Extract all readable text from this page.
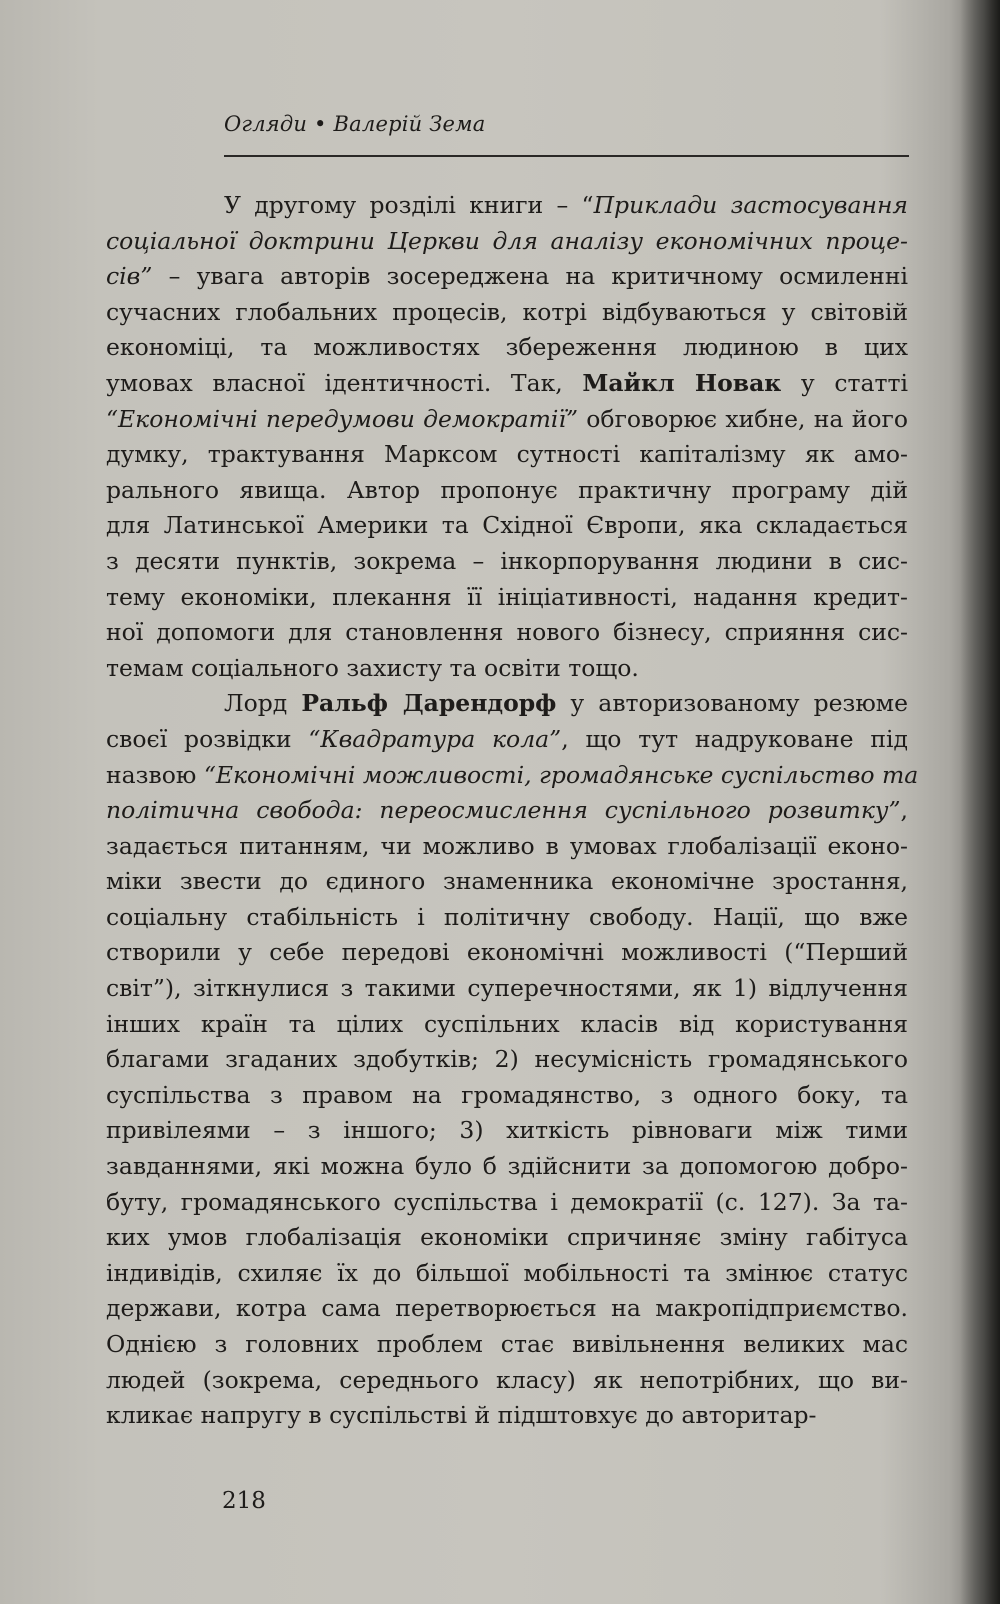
Огляди • Валерій Зема
У другому розділі книги – “Приклади застосування
соціальної доктрини Церкви для аналізу економічних проце-
сів” – увага авторів зосереджена на критичному осмиленні
сучасних глобальних процесів, котрі відбуваються у світовій
економіці, та можливостях збереження людиною в цих
умовах власної ідентичності. Так, Майкл Новак у статті
“Економічні передумови демократії” обговорює хибне, на його
думку, трактування Марксом сутності капіталізму як амо-
рального явища. Автор пропонує практичну програму дій
для Латинської Америки та Східної Європи, яка складається
з десяти пунктів, зокрема – інкорпорування людини в сис-
тему економіки, плекання її ініціативності, надання кредит-
ної допомоги для становлення нового бізнесу, сприяння сис-
темам соціального захисту та освіти тощо.
Лорд Ральф Дарендорф у авторизованому резюме
своєї розвідки “Квадратура кола”, що тут надруковане під
назвою “Економічні можливості, громадянське суспільство та
політична свобода: переосмислення суспільного розвитку”,
задається питанням, чи можливо в умовах глобалізації еконо-
міки звести до єдиного знаменника економічне зростання,
соціальну стабільність і політичну свободу. Нації, що вже
створили у себе передові економічні можливості (“Перший
світ”), зіткнулися з такими суперечностями, як 1) відлучення
інших країн та цілих суспільних класів від користування
благами згаданих здобутків; 2) несумісність громадянського
суспільства з правом на громадянство, з одного боку, та
привілеями – з іншого; 3) хиткість рівноваги між тими
завданнями, які можна було б здійснити за допомогою добро-
буту, громадянського суспільства і демократії (с. 127). За та-
ких умов глобалізація економіки спричиняє зміну габітуса
індивідів, схиляє їх до більшої мобільності та змінює статус
держави, котра сама перетворюється на макропідприємство.
Однією з головних проблем стає вивільнення великих мас
людей (зокрема, середнього класу) як непотрібних, що ви-
кликає напругу в суспільстві й підштовхує до авторитар-
218
